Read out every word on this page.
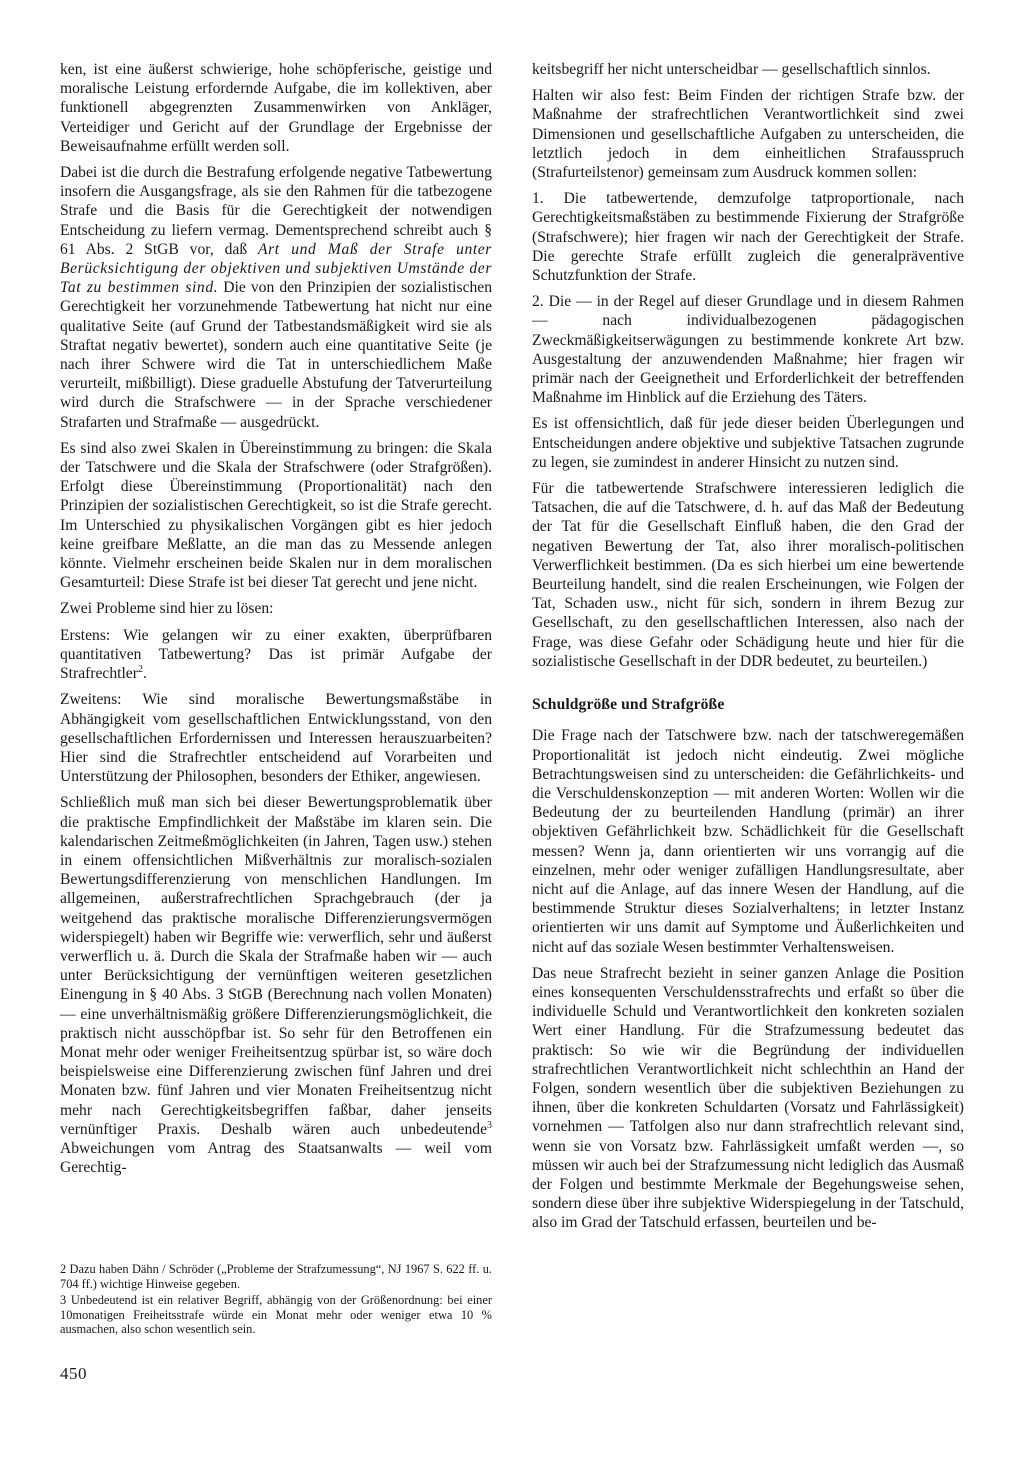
ken, ist eine äußerst schwierige, hohe schöpferische, geistige und moralische Leistung erfordernde Aufgabe, die im kollektiven, aber funktionell abgegrenzten Zusammenwirken von Ankläger, Verteidiger und Gericht auf der Grundlage der Ergebnisse der Beweisaufnahme erfüllt werden soll.

Dabei ist die durch die Bestrafung erfolgende negative Tatbewertung insofern die Ausgangsfrage, als sie den Rahmen für die tatbezogene Strafe und die Basis für die Gerechtigkeit der notwendigen Entscheidung zu liefern vermag. Dementsprechend schreibt auch § 61 Abs. 2 StGB vor, daß Art und Maß der Strafe unter Berücksichtigung der objektiven und subjektiven Umstände der Tat zu bestimmen sind. Die von den Prinzipien der sozialistischen Gerechtigkeit her vorzunehmende Tatbewertung hat nicht nur eine qualitative Seite (auf Grund der Tatbestandsmäßigkeit wird sie als Straftat negativ bewertet), sondern auch eine quantitative Seite (je nach ihrer Schwere wird die Tat in unterschiedlichem Maße verurteilt, mißbilligt). Diese graduelle Abstufung der Tatverurteilung wird durch die Strafschwere — in der Sprache verschiedener Strafarten und Strafmaße — ausgedrückt.

Es sind also zwei Skalen in Übereinstimmung zu bringen: die Skala der Tatschwere und die Skala der Strafschwere (oder Strafgrößen). Erfolgt diese Übereinstimmung (Proportionalität) nach den Prinzipien der sozialistischen Gerechtigkeit, so ist die Strafe gerecht. Im Unterschied zu physikalischen Vorgängen gibt es hier jedoch keine greifbare Meßlatte, an die man das zu Messende anlegen könnte. Vielmehr erscheinen beide Skalen nur in dem moralischen Gesamturteil: Diese Strafe ist bei dieser Tat gerecht und jene nicht.

Zwei Probleme sind hier zu lösen:

Erstens: Wie gelangen wir zu einer exakten, überprüfbaren quantitativen Tatbewertung? Das ist primär Aufgabe der Strafrechtler$^2$.

Zweitens: Wie sind moralische Bewertungsmaßstäbe in Abhängigkeit vom gesellschaftlichen Entwicklungsstand, von den gesellschaftlichen Erfordernissen und Interessen herauszuarbeiten? Hier sind die Strafrechtler entscheidend auf Vorarbeiten und Unterstützung der Philosophen, besonders der Ethiker, angewiesen.

Schließlich muß man sich bei dieser Bewertungsproblematik über die praktische Empfindlichkeit der Maßstäbe im klaren sein. Die kalendarischen Zeitmeßmöglichkeiten (in Jahren, Tagen usw.) stehen in einem offensichtlichen Mißverhältnis zur moralisch-sozialen Bewertungsdifferenzierung von menschlichen Handlungen. Im allgemeinen, außerstrafrechtlichen Sprachgebrauch (der ja weitgehend das praktische moralische Differenzierungsvermögen widerspiegelt) haben wir Begriffe wie: verwerflich, sehr und äußerst verwerflich u. ä. Durch die Skala der Strafmaße haben wir — auch unter Berücksichtigung der vernünftigen weiteren gesetzlichen Einengung in § 40 Abs. 3 StGB (Berechnung nach vollen Monaten) — eine unverhältnismäßig größere Differenzierungsmöglichkeit, die praktisch nicht ausschöpfbar ist. So sehr für den Betroffenen ein Monat mehr oder weniger Freiheitsentzug spürbar ist, so wäre doch beispielsweise eine Differenzierung zwischen fünf Jahren und drei Monaten bzw. fünf Jahren und vier Monaten Freiheitsentzug nicht mehr nach Gerechtigkeitsbegriffen faßbar, daher jenseits vernünftiger Praxis. Deshalb wären auch unbedeutende$^3$ Abweichungen vom Antrag des Staatsanwalts — weil vom Gerechtig-

2 Dazu haben Dähn / Schröder („Probleme der Strafzumessung“, NJ 1967 S. 622 ff. u. 704 ff.) wichtige Hinweise gegeben.

3 Unbedeutend ist ein relativer Begriff, abhängig von der Größenordnung: bei einer 10monatigen Freiheitsstrafe würde ein Monat mehr oder weniger etwa 10 % ausmachen, also schon wesentlich sein.

450

keitsbegriff her nicht unterscheidbar — gesellschaftlich sinnlos.

Halten wir also fest: Beim Finden der richtigen Strafe bzw. der Maßnahme der strafrechtlichen Verantwortlichkeit sind zwei Dimensionen und gesellschaftliche Aufgaben zu unterscheiden, die letztlich jedoch in dem einheitlichen Strafausspruch (Strafurteilstenor) gemeinsam zum Ausdruck kommen sollen:

1. Die tatbewertende, demzufolge tatproportionale, nach Gerechtigkeitsmaßstäben zu bestimmende Fixierung der Strafgröße (Strafschwere); hier fragen wir nach der Gerechtigkeit der Strafe. Die gerechte Strafe erfüllt zugleich die generalpräventive Schutzfunktion der Strafe.

2. Die — in der Regel auf dieser Grundlage und in diesem Rahmen — nach individualbezogenen pädagogischen Zweckmäßigkeitserwägungen zu bestimmende konkrete Art bzw. Ausgestaltung der anzuwendenden Maßnahme; hier fragen wir primär nach der Geeignetheit und Erforderlichkeit der betreffenden Maßnahme im Hinblick auf die Erziehung des Täters.

Es ist offensichtlich, daß für jede dieser beiden Überlegungen und Entscheidungen andere objektive und subjektive Tatsachen zugrunde zu legen, sie zumindest in anderer Hinsicht zu nutzen sind.

Für die tatbewertende Strafschwere interessieren lediglich die Tatsachen, die auf die Tatschwere, d. h. auf das Maß der Bedeutung der Tat für die Gesellschaft Einfluß haben, die den Grad der negativen Bewertung der Tat, also ihrer moralisch-politischen Verwerflichkeit bestimmen. (Da es sich hierbei um eine bewertende Beurteilung handelt, sind die realen Erscheinungen, wie Folgen der Tat, Schaden usw., nicht für sich, sondern in ihrem Bezug zur Gesellschaft, zu den gesellschaftlichen Interessen, also nach der Frage, was diese Gefahr oder Schädigung heute und hier für die sozialistische Gesellschaft in der DDR bedeutet, zu beurteilen.)

Schuldgröße und Strafgröße

Die Frage nach der Tatschwere bzw. nach der tatschweregemäßen Proportionalität ist jedoch nicht eindeutig. Zwei mögliche Betrachtungsweisen sind zu unterscheiden: die Gefährlichkeits- und die Verschuldenskonzeption — mit anderen Worten: Wollen wir die Bedeutung der zu beurteilenden Handlung (primär) an ihrer objektiven Gefährlichkeit bzw. Schädlichkeit für die Gesellschaft messen? Wenn ja, dann orientierten wir uns vorrangig auf die einzelnen, mehr oder weniger zufälligen Handlungsresultate, aber nicht auf die Anlage, auf das innere Wesen der Handlung, auf die bestimmende Struktur dieses Sozialverhaltens; in letzter Instanz orientierten wir uns damit auf Symptome und Äußerlichkeiten und nicht auf das soziale Wesen bestimmter Verhaltensweisen.

Das neue Strafrecht bezieht in seiner ganzen Anlage die Position eines konsequenten Verschuldensstrafrechts und erfaßt so über die individuelle Schuld und Verantwortlichkeit den konkreten sozialen Wert einer Handlung. Für die Strafzumessung bedeutet das praktisch: So wie wir die Begründung der individuellen strafrechtlichen Verantwortlichkeit nicht schlechthin an Hand der Folgen, sondern wesentlich über die subjektiven Beziehungen zu ihnen, über die konkreten Schuldarten (Vorsatz und Fahrlässigkeit) vornehmen — Tatfolgen also nur dann strafrechtlich relevant sind, wenn sie von Vorsatz bzw. Fahrlässigkeit umfaßt werden —, so müssen wir auch bei der Strafzumessung nicht lediglich das Ausmaß der Folgen und bestimmte Merkmale der Begehungsweise sehen, sondern diese über ihre subjektive Widerspiegelung in der Tatschuld, also im Grad der Tatschuld erfassen, beurteilen und be-
